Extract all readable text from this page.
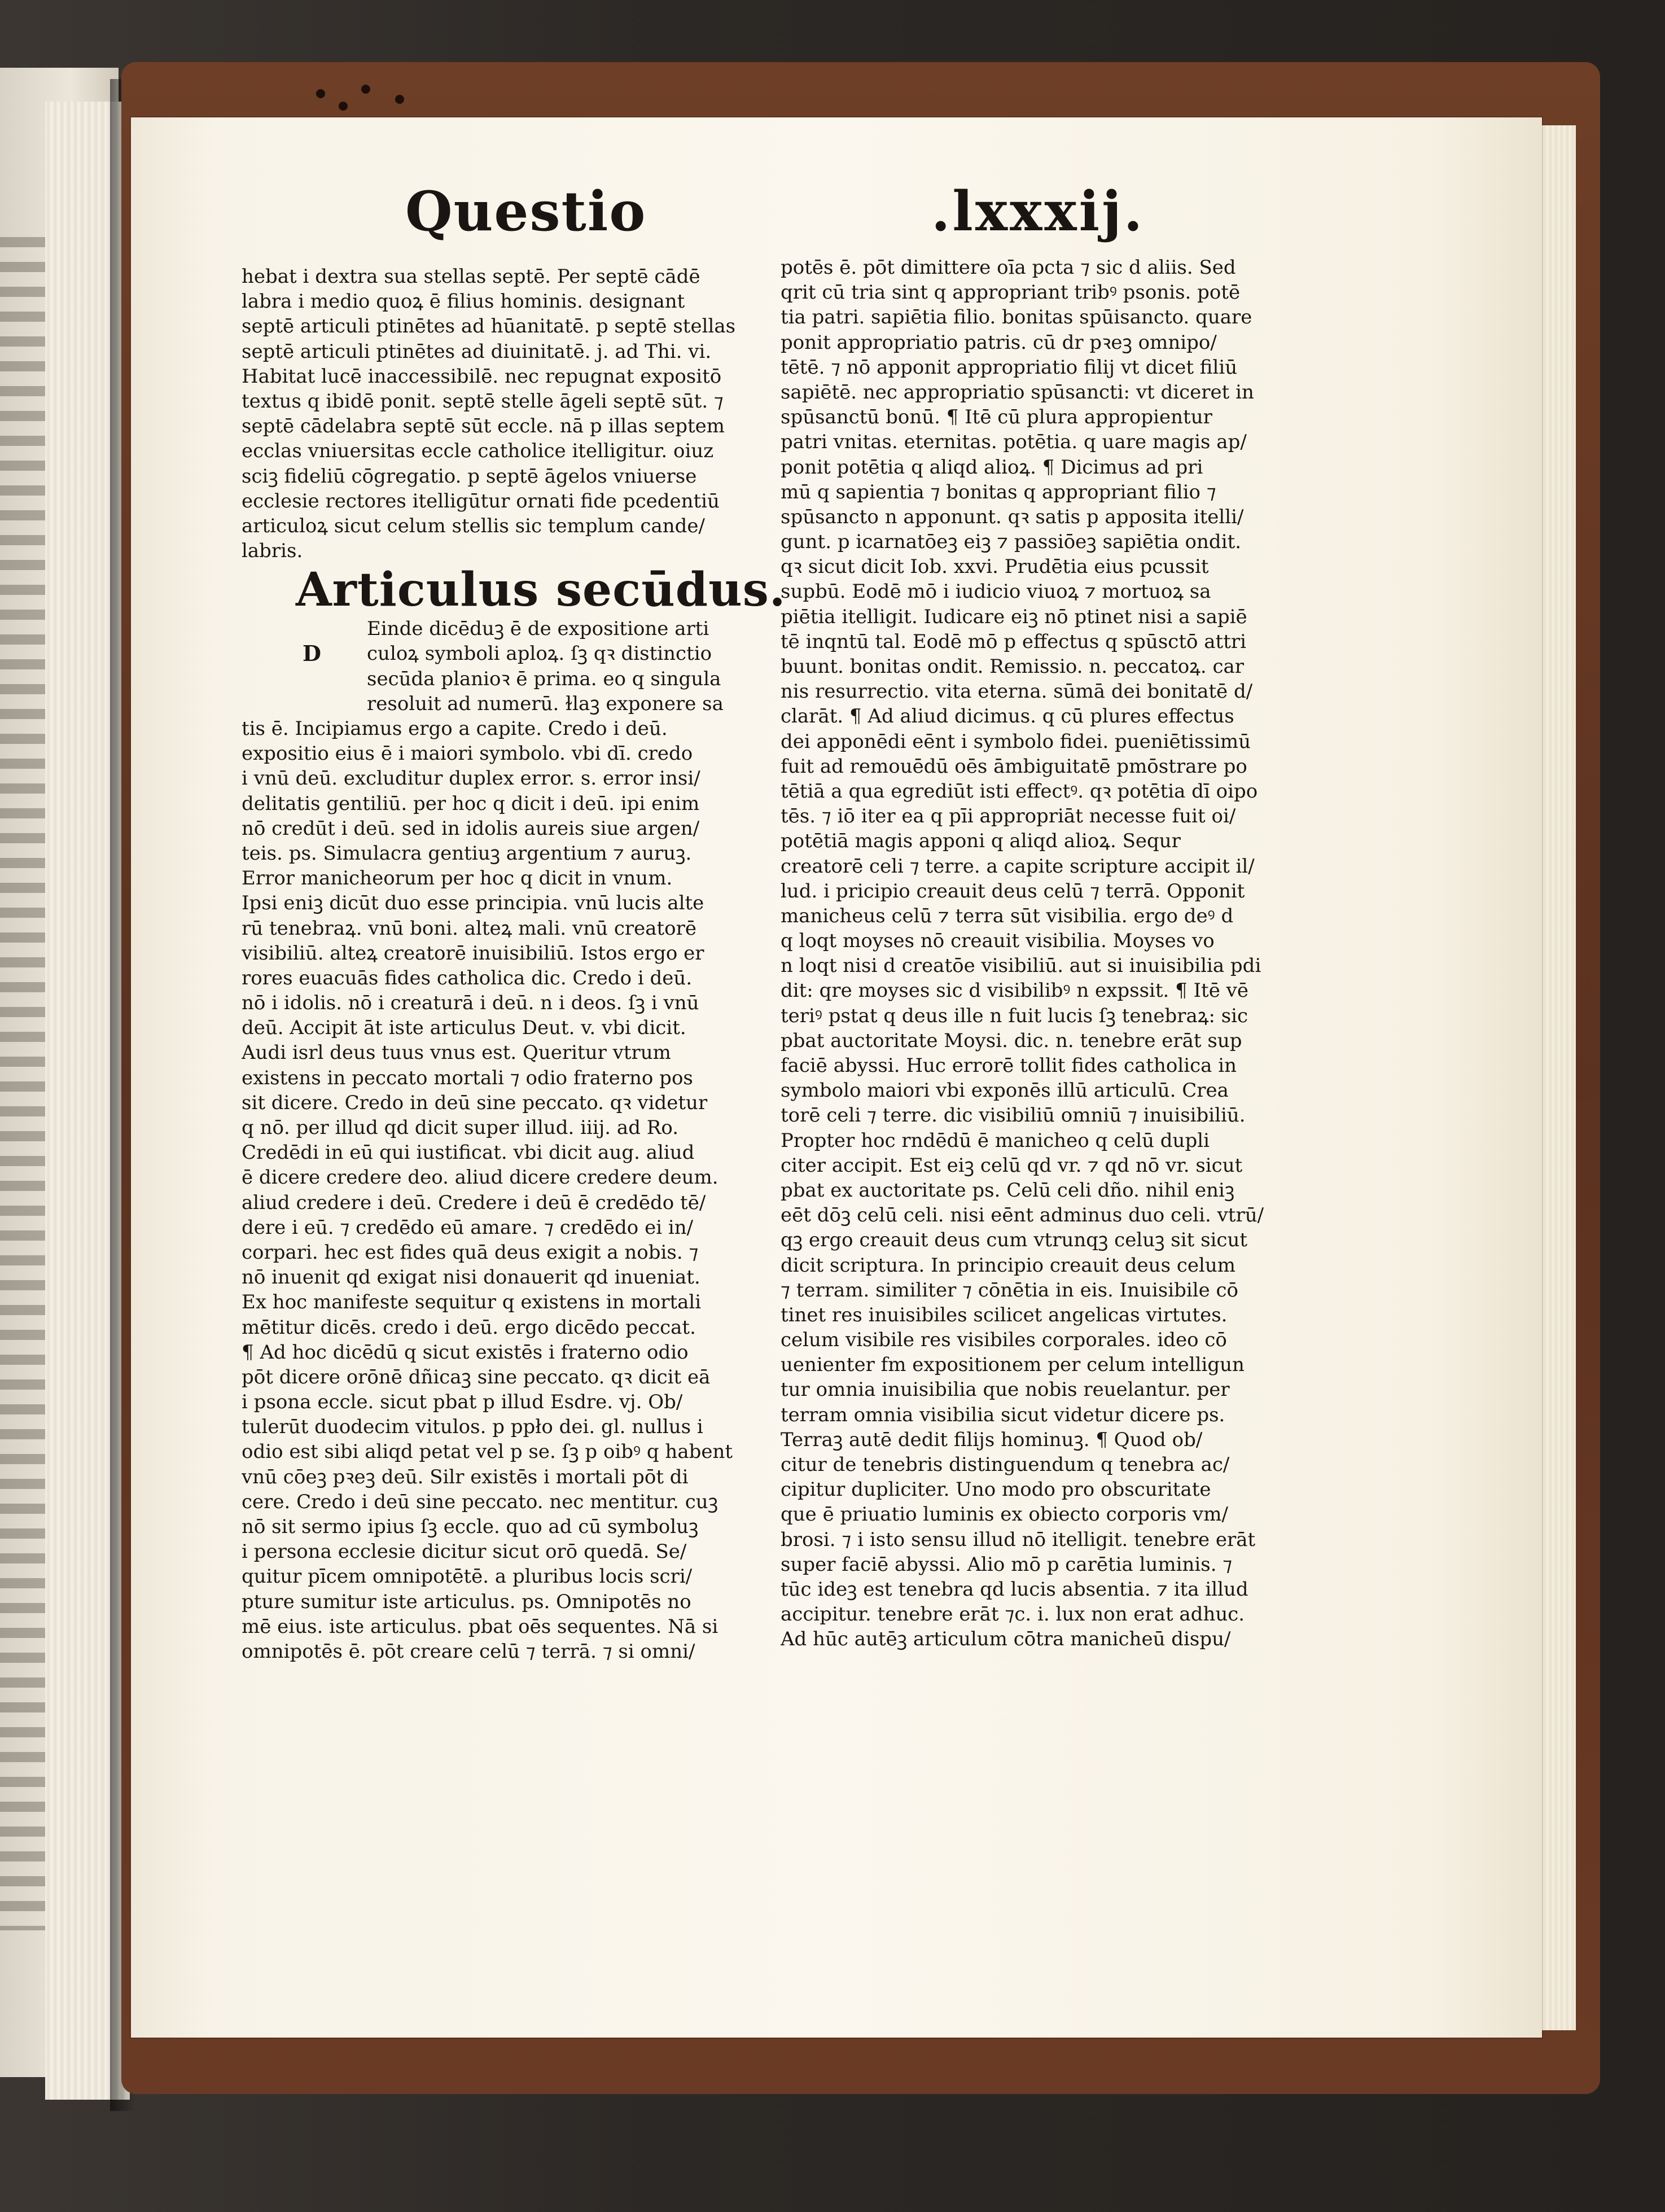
Questio	.lxxxij.
hebat i dextra sua stellas septē. Per septē cādē
labra i medio quoꝝ ē filius hominis. designant
septē articuli ptinētes ad hūanitatē. p septē stellas
septē articuli ptinētes ad diuinitatē. j. ad Thi. vi.
Habitat lucē inaccessibilē. nec repugnat expositō
textus q ibidē ponit. septē stelle āgeli septē sūt. ⁊
septē cādelabra septē sūt eccle. nā p illas septem
ecclas vniuersitas eccle catholice itelligitur. oiuz
sciꝫ fideliū cōgregatio. p septē āgelos vniuerse
ecclesie rectores itelligūtur ornati fide pcedentiū
articuloꝝ sicut celum stellis sic templum cande/
labris.
Articulus secūdus.
D
Einde dicēduꝫ ē de expositione arti
culoꝝ symboli aploꝝ. ſꝫ qꝛ distinctio
secūda planioꝛ ē prima. eo q singula
resoluit ad numerū. ɫlaꝫ exponere sa
tis ē. Incipiamus ergo a capite. Credo i deū.
expositio eius ē i maiori symbolo. vbi dī. credo
i vnū deū. excluditur duplex error. s. error insi/
delitatis gentiliū. per hoc q dicit i deū. ipi enim
nō credūt i deū. sed in idolis aureis siue argen/
teis. ps. Simulacra gentiuꝫ argentium ⁊ auruꝫ.
Error manicheorum per hoc q dicit in vnum.
Ipsi eniꝫ dicūt duo esse principia. vnū lucis alte
rū tenebraꝝ. vnū boni. alteꝝ mali. vnū creatorē
visibiliū. alteꝝ creatorē inuisibiliū. Istos ergo er
rores euacuās fides catholica dic. Credo i deū.
nō i idolis. nō i creaturā i deū. n i deos. ſꝫ i vnū
deū. Accipit āt iste articulus Deut. v. vbi dicit.
Audi isrl deus tuus vnus est. Queritur vtrum
existens in peccato mortali ⁊ odio fraterno pos
sit dicere. Credo in deū sine peccato. qꝛ videtur
q nō. per illud qd dicit super illud. iiij. ad Ro.
Credēdi in eū qui iustificat. vbi dicit aug. aliud
ē dicere credere deo. aliud dicere credere deum.
aliud credere i deū. Credere i deū ē credēdo tē/
dere i eū. ⁊ credēdo eū amare. ⁊ credēdo ei in/
corpari. hec est fides quā deus exigit a nobis. ⁊
nō inuenit qd exigat nisi donauerit qd inueniat.
Ex hoc manifeste sequitur q existens in mortali
mētitur dicēs. credo i deū. ergo dicēdo peccat.
¶ Ad hoc dicēdū q sicut existēs i fraterno odio
pōt dicere orōnē dñicaꝫ sine peccato. qꝛ dicit eā
i psona eccle. sicut pbat p illud Esdre. vj. Ob/
tulerūt duodecim vitulos. p ppło dei. gl. nullus i
odio est sibi aliqd petat vel p se. ſꝫ p oibꝰ q habent
vnū cōeꝫ pꝛeꝫ deū. Silr existēs i mortali pōt di
cere. Credo i deū sine peccato. nec mentitur. cuꝫ
nō sit sermo ipius ſꝫ eccle. quo ad cū symboluꝫ
i persona ecclesie dicitur sicut orō quedā. Se/
quitur pīcem omnipotētē. a pluribus locis scri/
pture sumitur iste articulus. ps. Omnipotēs no
mē eius. iste articulus. pbat oēs sequentes. Nā si
omnipotēs ē. pōt creare celū ⁊ terrā. ⁊ si omni/
potēs ē. pōt dimittere oīa pcta ⁊ sic d aliis. Sed
qrit cū tria sint q appropriant tribꝰ psonis. potē
tia patri. sapiētia filio. bonitas spūisancto. quare
ponit appropriatio patris. cū dr pꝛeꝫ omnipo/
tētē. ⁊ nō apponit appropriatio filij vt dicet filiū
sapiētē. nec appropriatio spūsancti: vt diceret in
spūsanctū bonū. ¶ Itē cū plura appropientur
patri vnitas. eternitas. potētia. q uare magis ap/
ponit potētia q aliqd alioꝝ. ¶ Dicimus ad pri
mū q sapientia ⁊ bonitas q appropriant filio ⁊
spūsancto n apponunt. qꝛ satis p apposita itelli/
gunt. p icarnatōeꝫ eiꝫ ⁊ passiōeꝫ sapiētia ondit.
qꝛ sicut dicit Iob. xxvi. Prudētia eius pcussit
supbū. Eodē mō i iudicio viuoꝝ ⁊ mortuoꝝ sa
piētia itelligit. Iudicare eiꝫ nō ptinet nisi a sapiē
tē inqntū tal. Eodē mō p effectus q spūsctō attri
buunt. bonitas ondit. Remissio. n. peccatoꝝ. car
nis resurrectio. vita eterna. sūmā dei bonitatē d/
clarāt. ¶ Ad aliud dicimus. q cū plures effectus
dei apponēdi eēnt i symbolo fidei. pueniētissimū
fuit ad remouēdū oēs āmbiguitatē pmōstrare po
tētiā a qua egrediūt isti effectꝰ. qꝛ potētia dī oipo
tēs. ⁊ iō iter ea q pīi appropriāt necesse fuit oi/
potētiā magis apponi q aliqd alioꝝ. Sequr
creatorē celi ⁊ terre. a capite scripture accipit il/
lud. i pricipio creauit deus celū ⁊ terrā. Opponit
manicheus celū ⁊ terra sūt visibilia. ergo deꝰ d
q loqt moyses nō creauit visibilia. Moyses vo
n loqt nisi d creatōe visibiliū. aut si inuisibilia pdi
dit: qre moyses sic d visibilibꝰ n expssit. ¶ Itē vē
teriꝰ pstat q deus ille n fuit lucis ſꝫ tenebraꝝ: sic
pbat auctoritate Moysi. dic. n. tenebre erāt sup
faciē abyssi. Huc errorē tollit fides catholica in
symbolo maiori vbi exponēs illū articulū. Crea
torē celi ⁊ terre. dic visibiliū omniū ⁊ inuisibiliū.
Propter hoc rndēdū ē manicheo q celū dupli
citer accipit. Est eiꝫ celū qd vr. ⁊ qd nō vr. sicut
pbat ex auctoritate ps. Celū celi dño. nihil eniꝫ
eēt dōꝫ celū celi. nisi eēnt adminus duo celi. vtrū/
qꝫ ergo creauit deus cum vtrunqꝫ celuꝫ sit sicut
dicit scriptura. In principio creauit deus celum
⁊ terram. similiter ⁊ cōnētia in eis. Inuisibile cō
tinet res inuisibiles scilicet angelicas virtutes.
celum visibile res visibiles corporales. ideo cō
uenienter fm expositionem per celum intelligun
tur omnia inuisibilia que nobis reuelantur. per
terram omnia visibilia sicut videtur dicere ps.
Terraꝫ autē dedit filijs hominuꝫ. ¶ Quod ob/
citur de tenebris distinguendum q tenebra ac/
cipitur dupliciter. Uno modo pro obscuritate
que ē priuatio luminis ex obiecto corporis vm/
brosi. ⁊ i isto sensu illud nō itelligit. tenebre erāt
super faciē abyssi. Alio mō p carētia luminis. ⁊
tūc ideꝫ est tenebra qd lucis absentia. ⁊ ita illud
accipitur. tenebre erāt ⁊c. i. lux non erat adhuc.
Ad hūc autēꝫ articulum cōtra manicheū dispu/
